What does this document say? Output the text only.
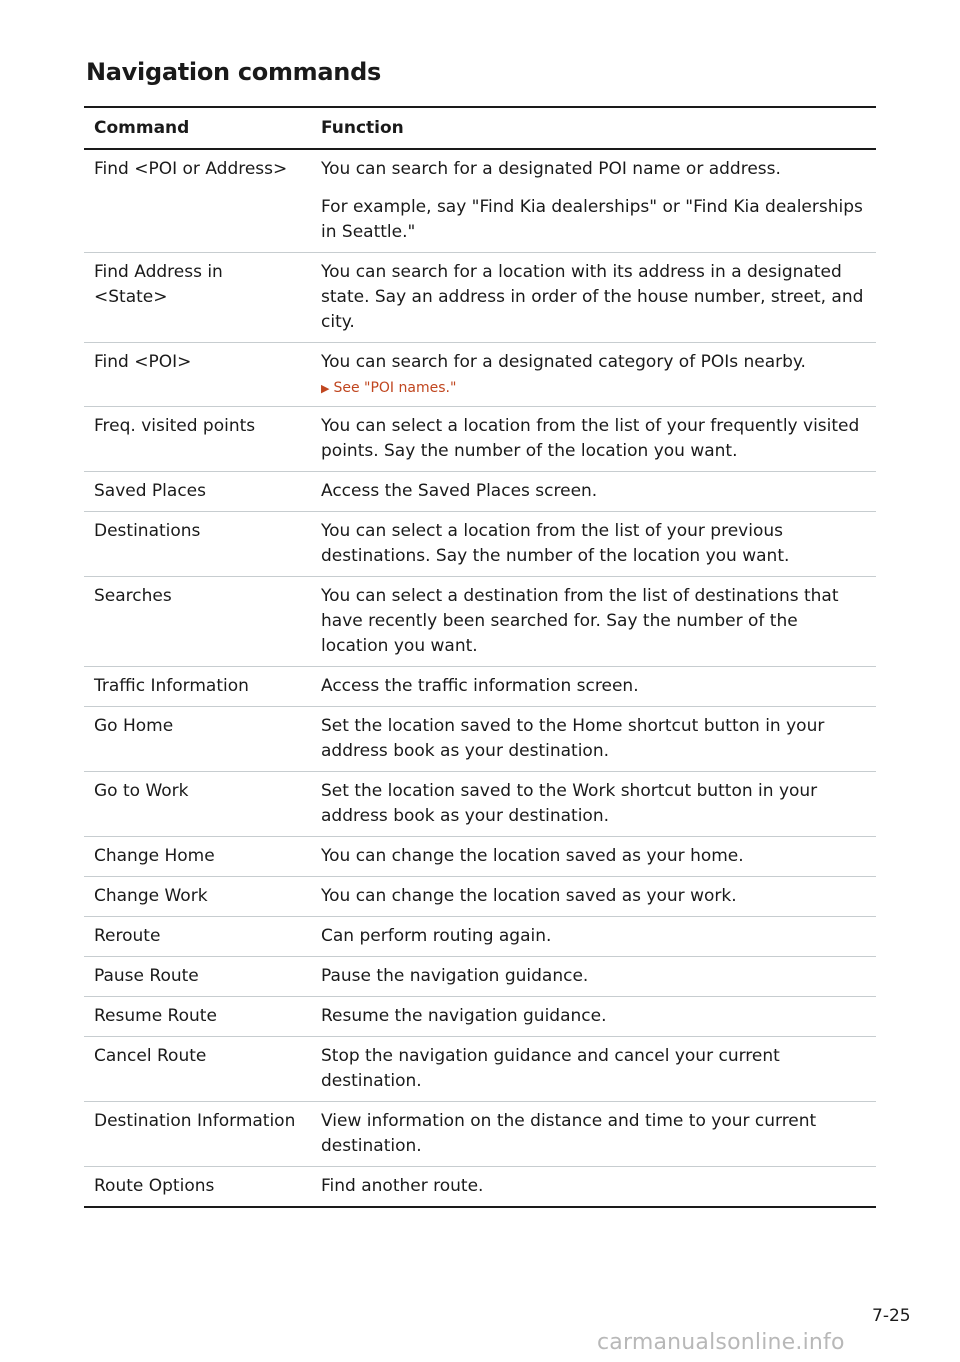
Navigation commands
Command	Function
Find <POI or Address>	You can search for a designated POI name or address.
For example, say "Find Kia dealerships" or "Find Kia dealerships in Seattle."

Find Address in <State>	You can search for a location with its address in a designated state. Say an address in order of the house number, street, and city.
Find <POI>	You can search for a designated category of POIs nearby.
▶ See "POI names."

Freq. visited points	You can select a location from the list of your frequently visited points. Say the number of the location you want.
Saved Places	Access the Saved Places screen.
Destinations	You can select a location from the list of your previous destinations. Say the number of the location you want.
Searches	You can select a destination from the list of destinations that have recently been searched for. Say the number of the location you want.
Traffic Information	Access the traffic information screen.
Go Home	Set the location saved to the Home shortcut button in your address book as your destination.
Go to Work	Set the location saved to the Work shortcut button in your address book as your destination.
Change Home	You can change the location saved as your home.
Change Work	You can change the location saved as your work.
Reroute	Can perform routing again.
Pause Route	Pause the navigation guidance.
Resume Route	Resume the navigation guidance.
Cancel Route	Stop the navigation guidance and cancel your current destination.
Destination Information	View information on the distance and time to your current destination.
Route Options	Find another route.
7-25
carmanualsonline.info
